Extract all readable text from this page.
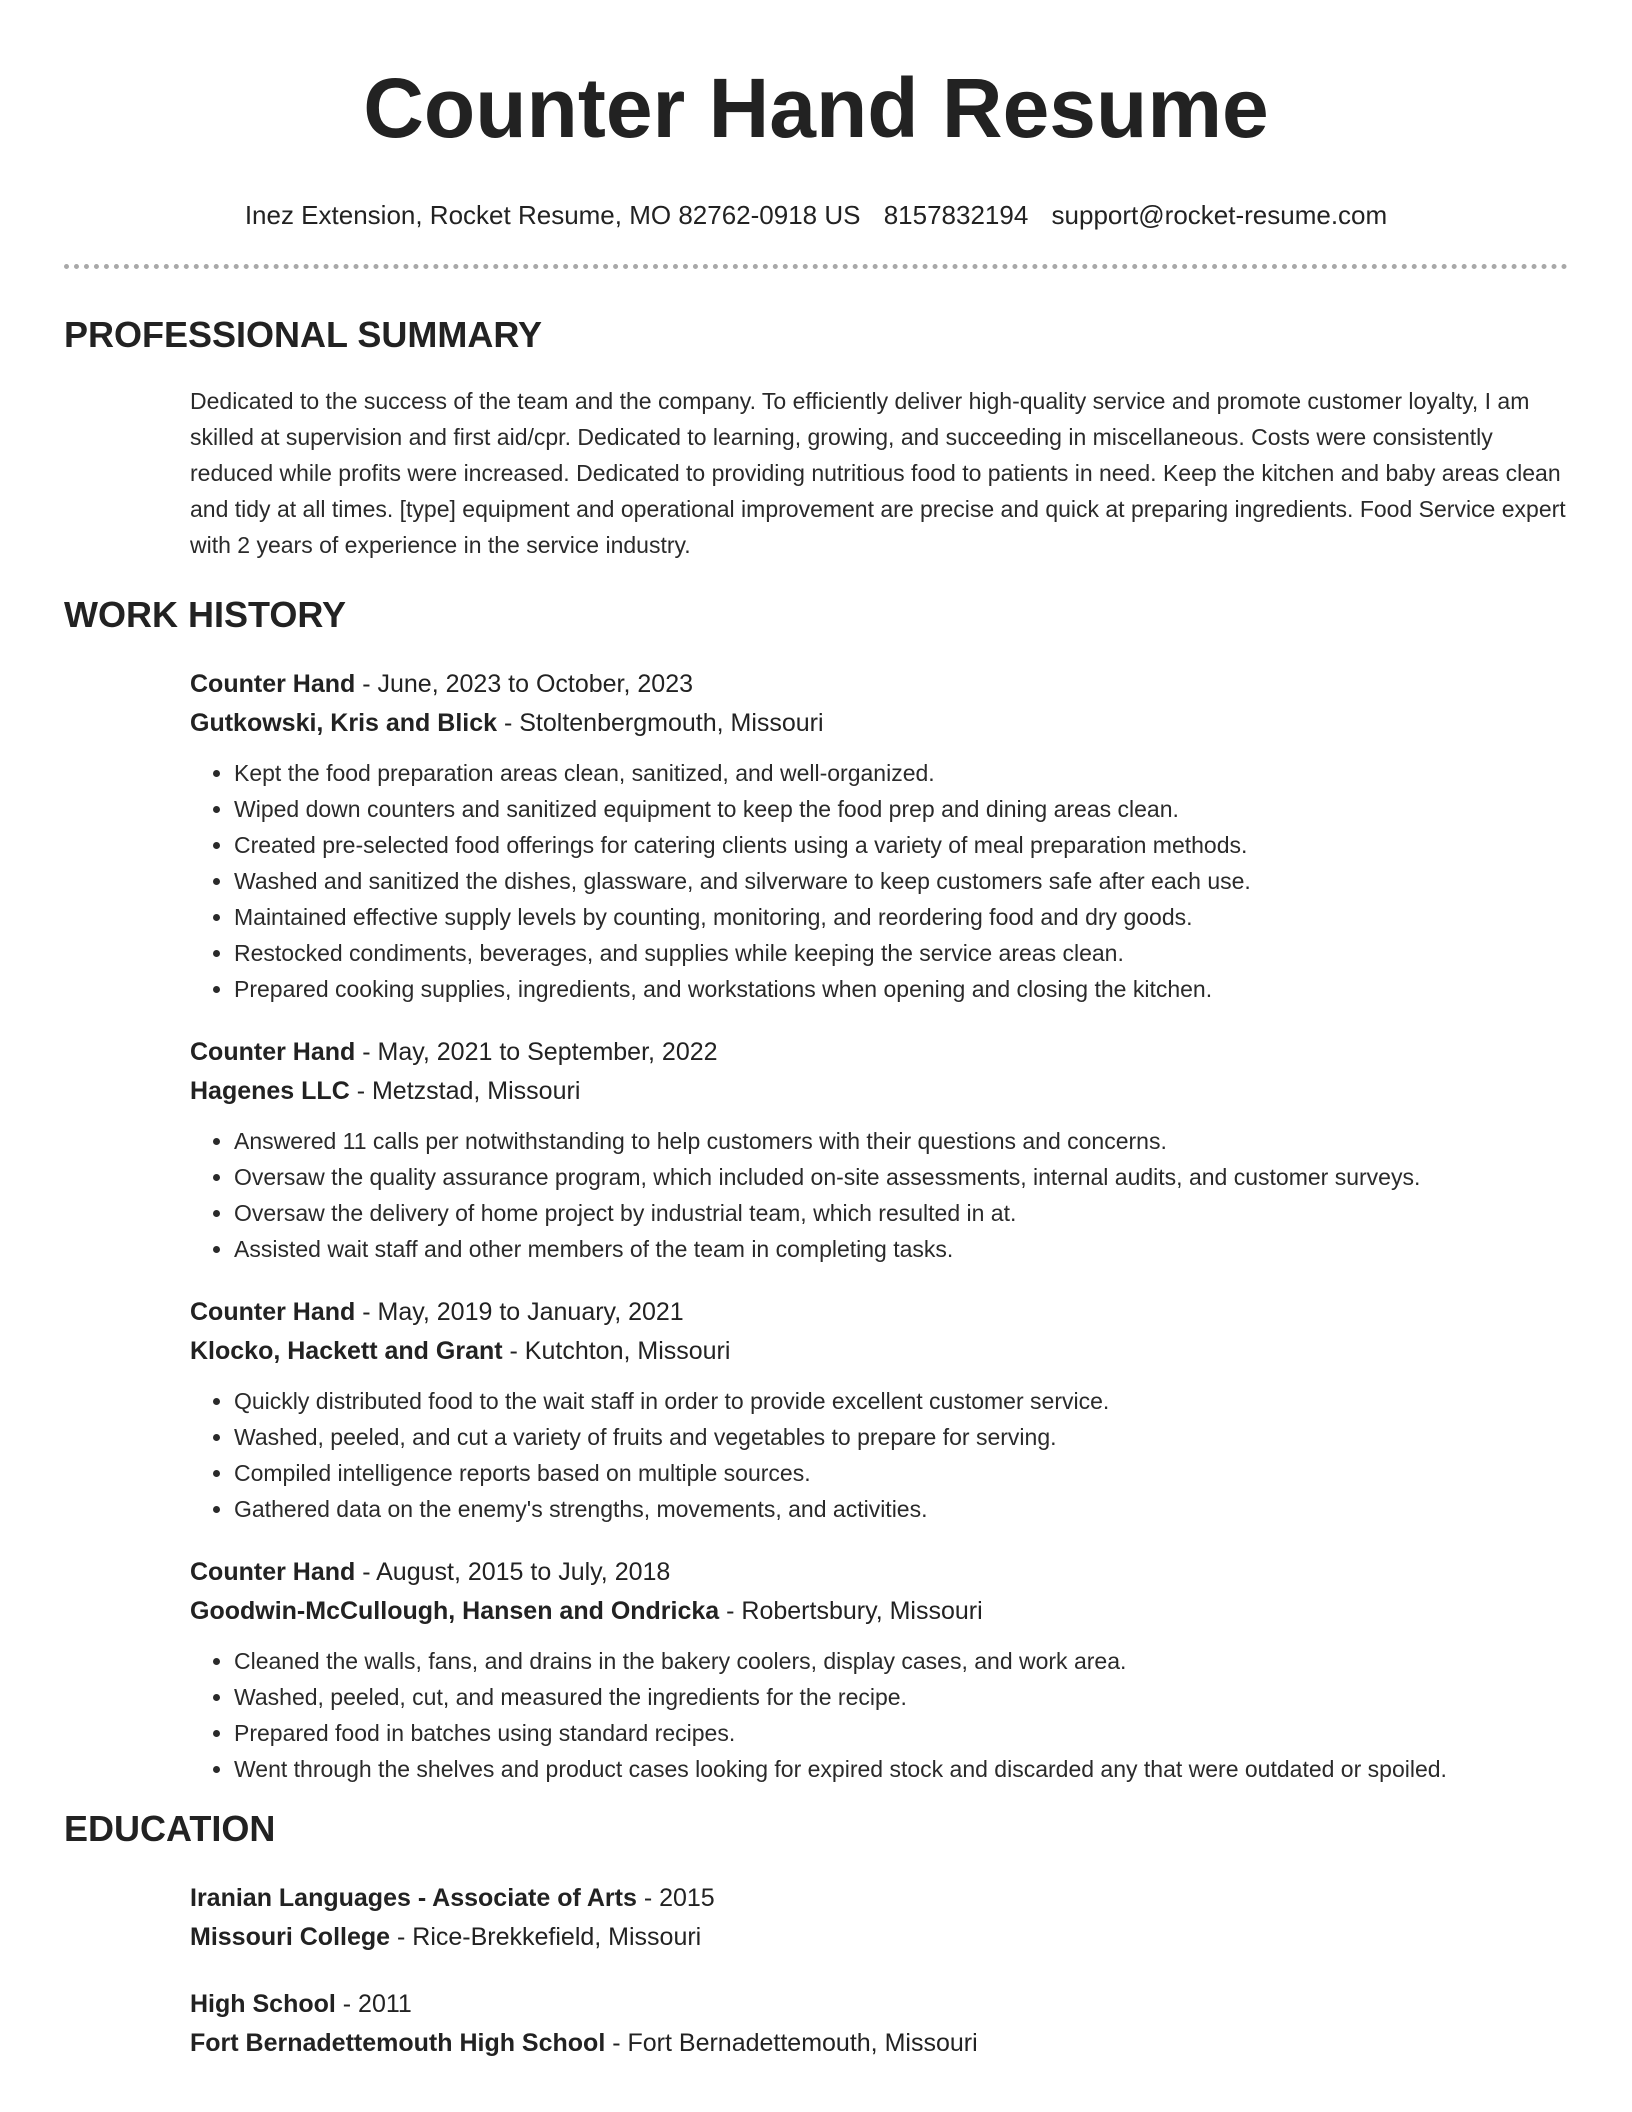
Counter Hand Resume
Inez Extension, Rocket Resume, MO 82762-0918 US 8157832194 support@rocket-resume.com
PROFESSIONAL SUMMARY
Dedicated to the success of the team and the company. To efficiently deliver high-quality service and promote customer loyalty, I am skilled at supervision and first aid/cpr. Dedicated to learning, growing, and succeeding in miscellaneous. Costs were consistently reduced while profits were increased. Dedicated to providing nutritious food to patients in need. Keep the kitchen and baby areas clean and tidy at all times. [type] equipment and operational improvement are precise and quick at preparing ingredients. Food Service expert with 2 years of experience in the service industry.
WORK HISTORY
Counter Hand - June, 2023 to October, 2023
Gutkowski, Kris and Blick - Stoltenbergmouth, Missouri
• Kept the food preparation areas clean, sanitized, and well-organized.
• Wiped down counters and sanitized equipment to keep the food prep and dining areas clean.
• Created pre-selected food offerings for catering clients using a variety of meal preparation methods.
• Washed and sanitized the dishes, glassware, and silverware to keep customers safe after each use.
• Maintained effective supply levels by counting, monitoring, and reordering food and dry goods.
• Restocked condiments, beverages, and supplies while keeping the service areas clean.
• Prepared cooking supplies, ingredients, and workstations when opening and closing the kitchen.
Counter Hand - May, 2021 to September, 2022
Hagenes LLC - Metzstad, Missouri
• Answered 11 calls per notwithstanding to help customers with their questions and concerns.
• Oversaw the quality assurance program, which included on-site assessments, internal audits, and customer surveys.
• Oversaw the delivery of home project by industrial team, which resulted in at.
• Assisted wait staff and other members of the team in completing tasks.
Counter Hand - May, 2019 to January, 2021
Klocko, Hackett and Grant - Kutchton, Missouri
• Quickly distributed food to the wait staff in order to provide excellent customer service.
• Washed, peeled, and cut a variety of fruits and vegetables to prepare for serving.
• Compiled intelligence reports based on multiple sources.
• Gathered data on the enemy's strengths, movements, and activities.
Counter Hand - August, 2015 to July, 2018
Goodwin-McCullough, Hansen and Ondricka - Robertsbury, Missouri
• Cleaned the walls, fans, and drains in the bakery coolers, display cases, and work area.
• Washed, peeled, cut, and measured the ingredients for the recipe.
• Prepared food in batches using standard recipes.
• Went through the shelves and product cases looking for expired stock and discarded any that were outdated or spoiled.
EDUCATION
Iranian Languages - Associate of Arts - 2015
Missouri College - Rice-Brekkefield, Missouri
High School - 2011
Fort Bernadettemouth High School - Fort Bernadettemouth, Missouri
